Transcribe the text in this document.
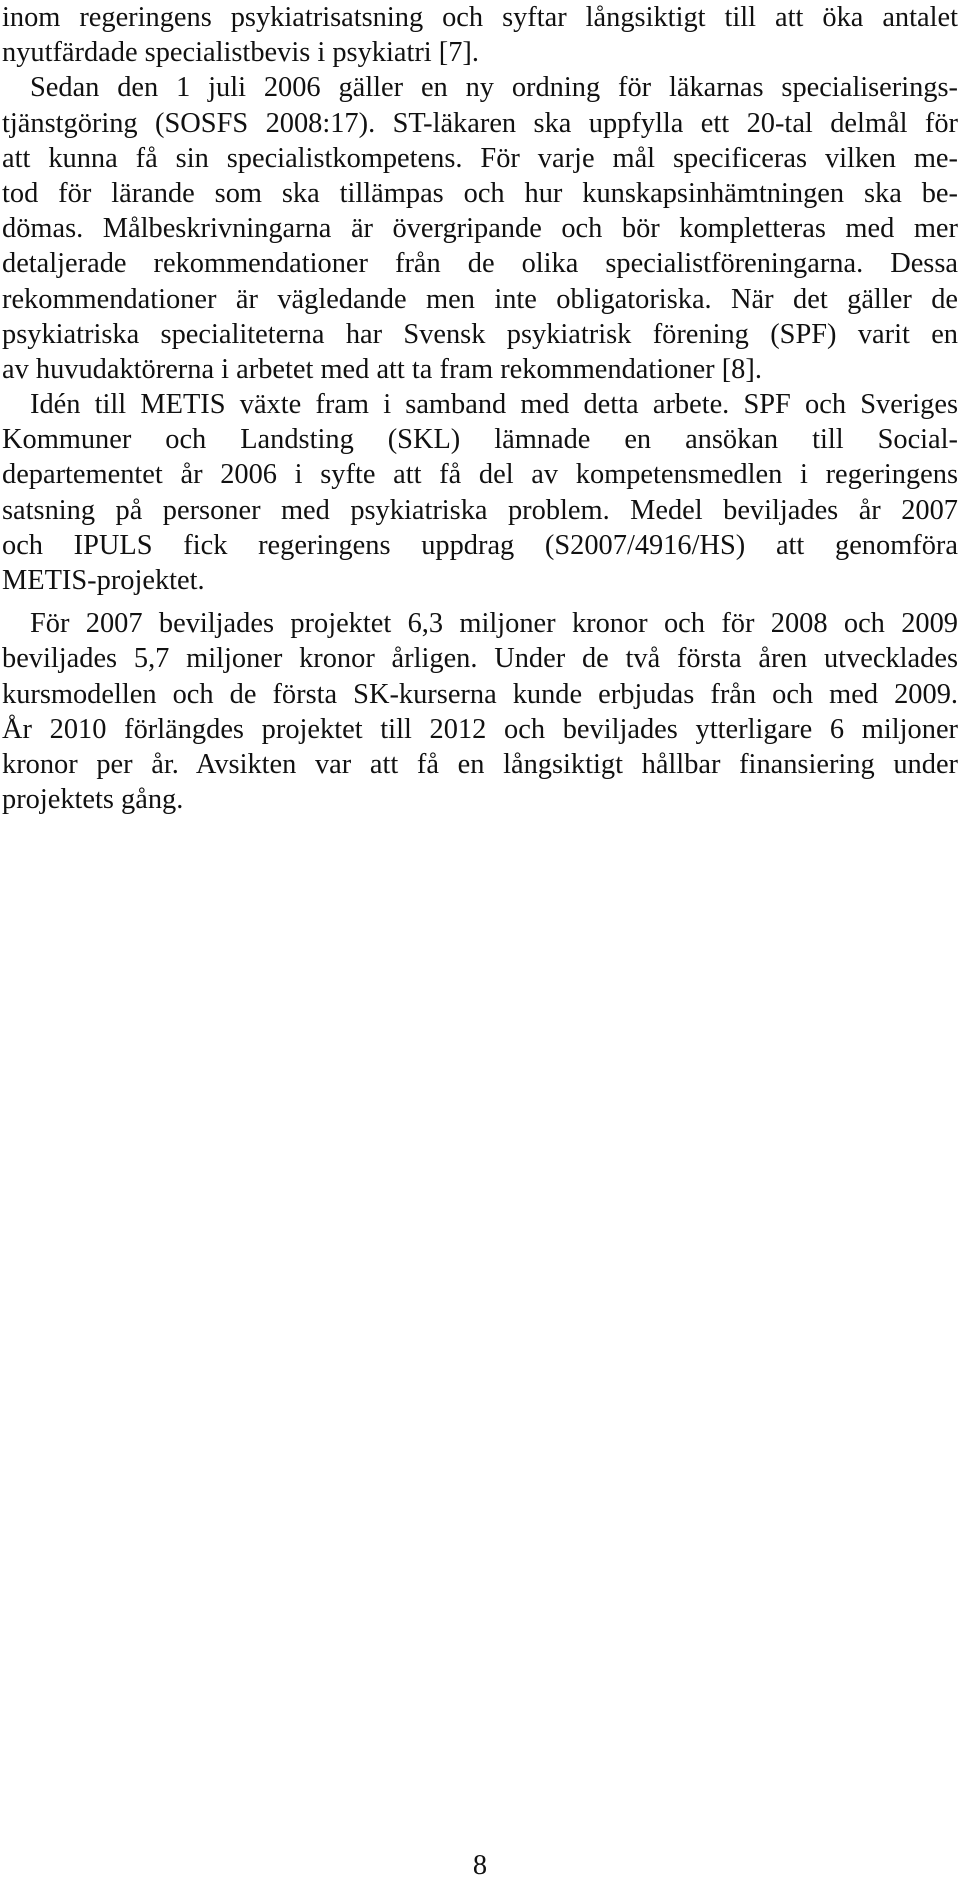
inom regeringens psykiatrisatsning och syftar långsiktigt till att öka antalet
nyutfärdade specialistbevis i psykiatri [7].
Sedan den 1 juli 2006 gäller en ny ordning för läkarnas specialiserings-
tjänstgöring (SOSFS 2008:17). ST-läkaren ska uppfylla ett 20-tal delmål för
att kunna få sin specialistkompetens. För varje mål specificeras vilken me-
tod för lärande som ska tillämpas och hur kunskapsinhämtningen ska be-
dömas. Målbeskrivningarna är övergripande och bör kompletteras med mer
detaljerade rekommendationer från de olika specialistföreningarna. Dessa
rekommendationer är vägledande men inte obligatoriska. När det gäller de
psykiatriska specialiteterna har Svensk psykiatrisk förening (SPF) varit en
av huvudaktörerna i arbetet med att ta fram rekommendationer [8].
Idén till METIS växte fram i samband med detta arbete. SPF och Sveriges
Kommuner och Landsting (SKL) lämnade en ansökan till Social-
departementet år 2006 i syfte att få del av kompetensmedlen i regeringens
satsning på personer med psykiatriska problem. Medel beviljades år 2007
och IPULS fick regeringens uppdrag (S2007/4916/HS) att genomföra
METIS-projektet.
För 2007 beviljades projektet 6,3 miljoner kronor och för 2008 och 2009
beviljades 5,7 miljoner kronor årligen. Under de två första åren utvecklades
kursmodellen och de första SK-kurserna kunde erbjudas från och med 2009.
År 2010 förlängdes projektet till 2012 och beviljades ytterligare 6 miljoner
kronor per år. Avsikten var att få en långsiktigt hållbar finansiering under
projektets gång.
8
